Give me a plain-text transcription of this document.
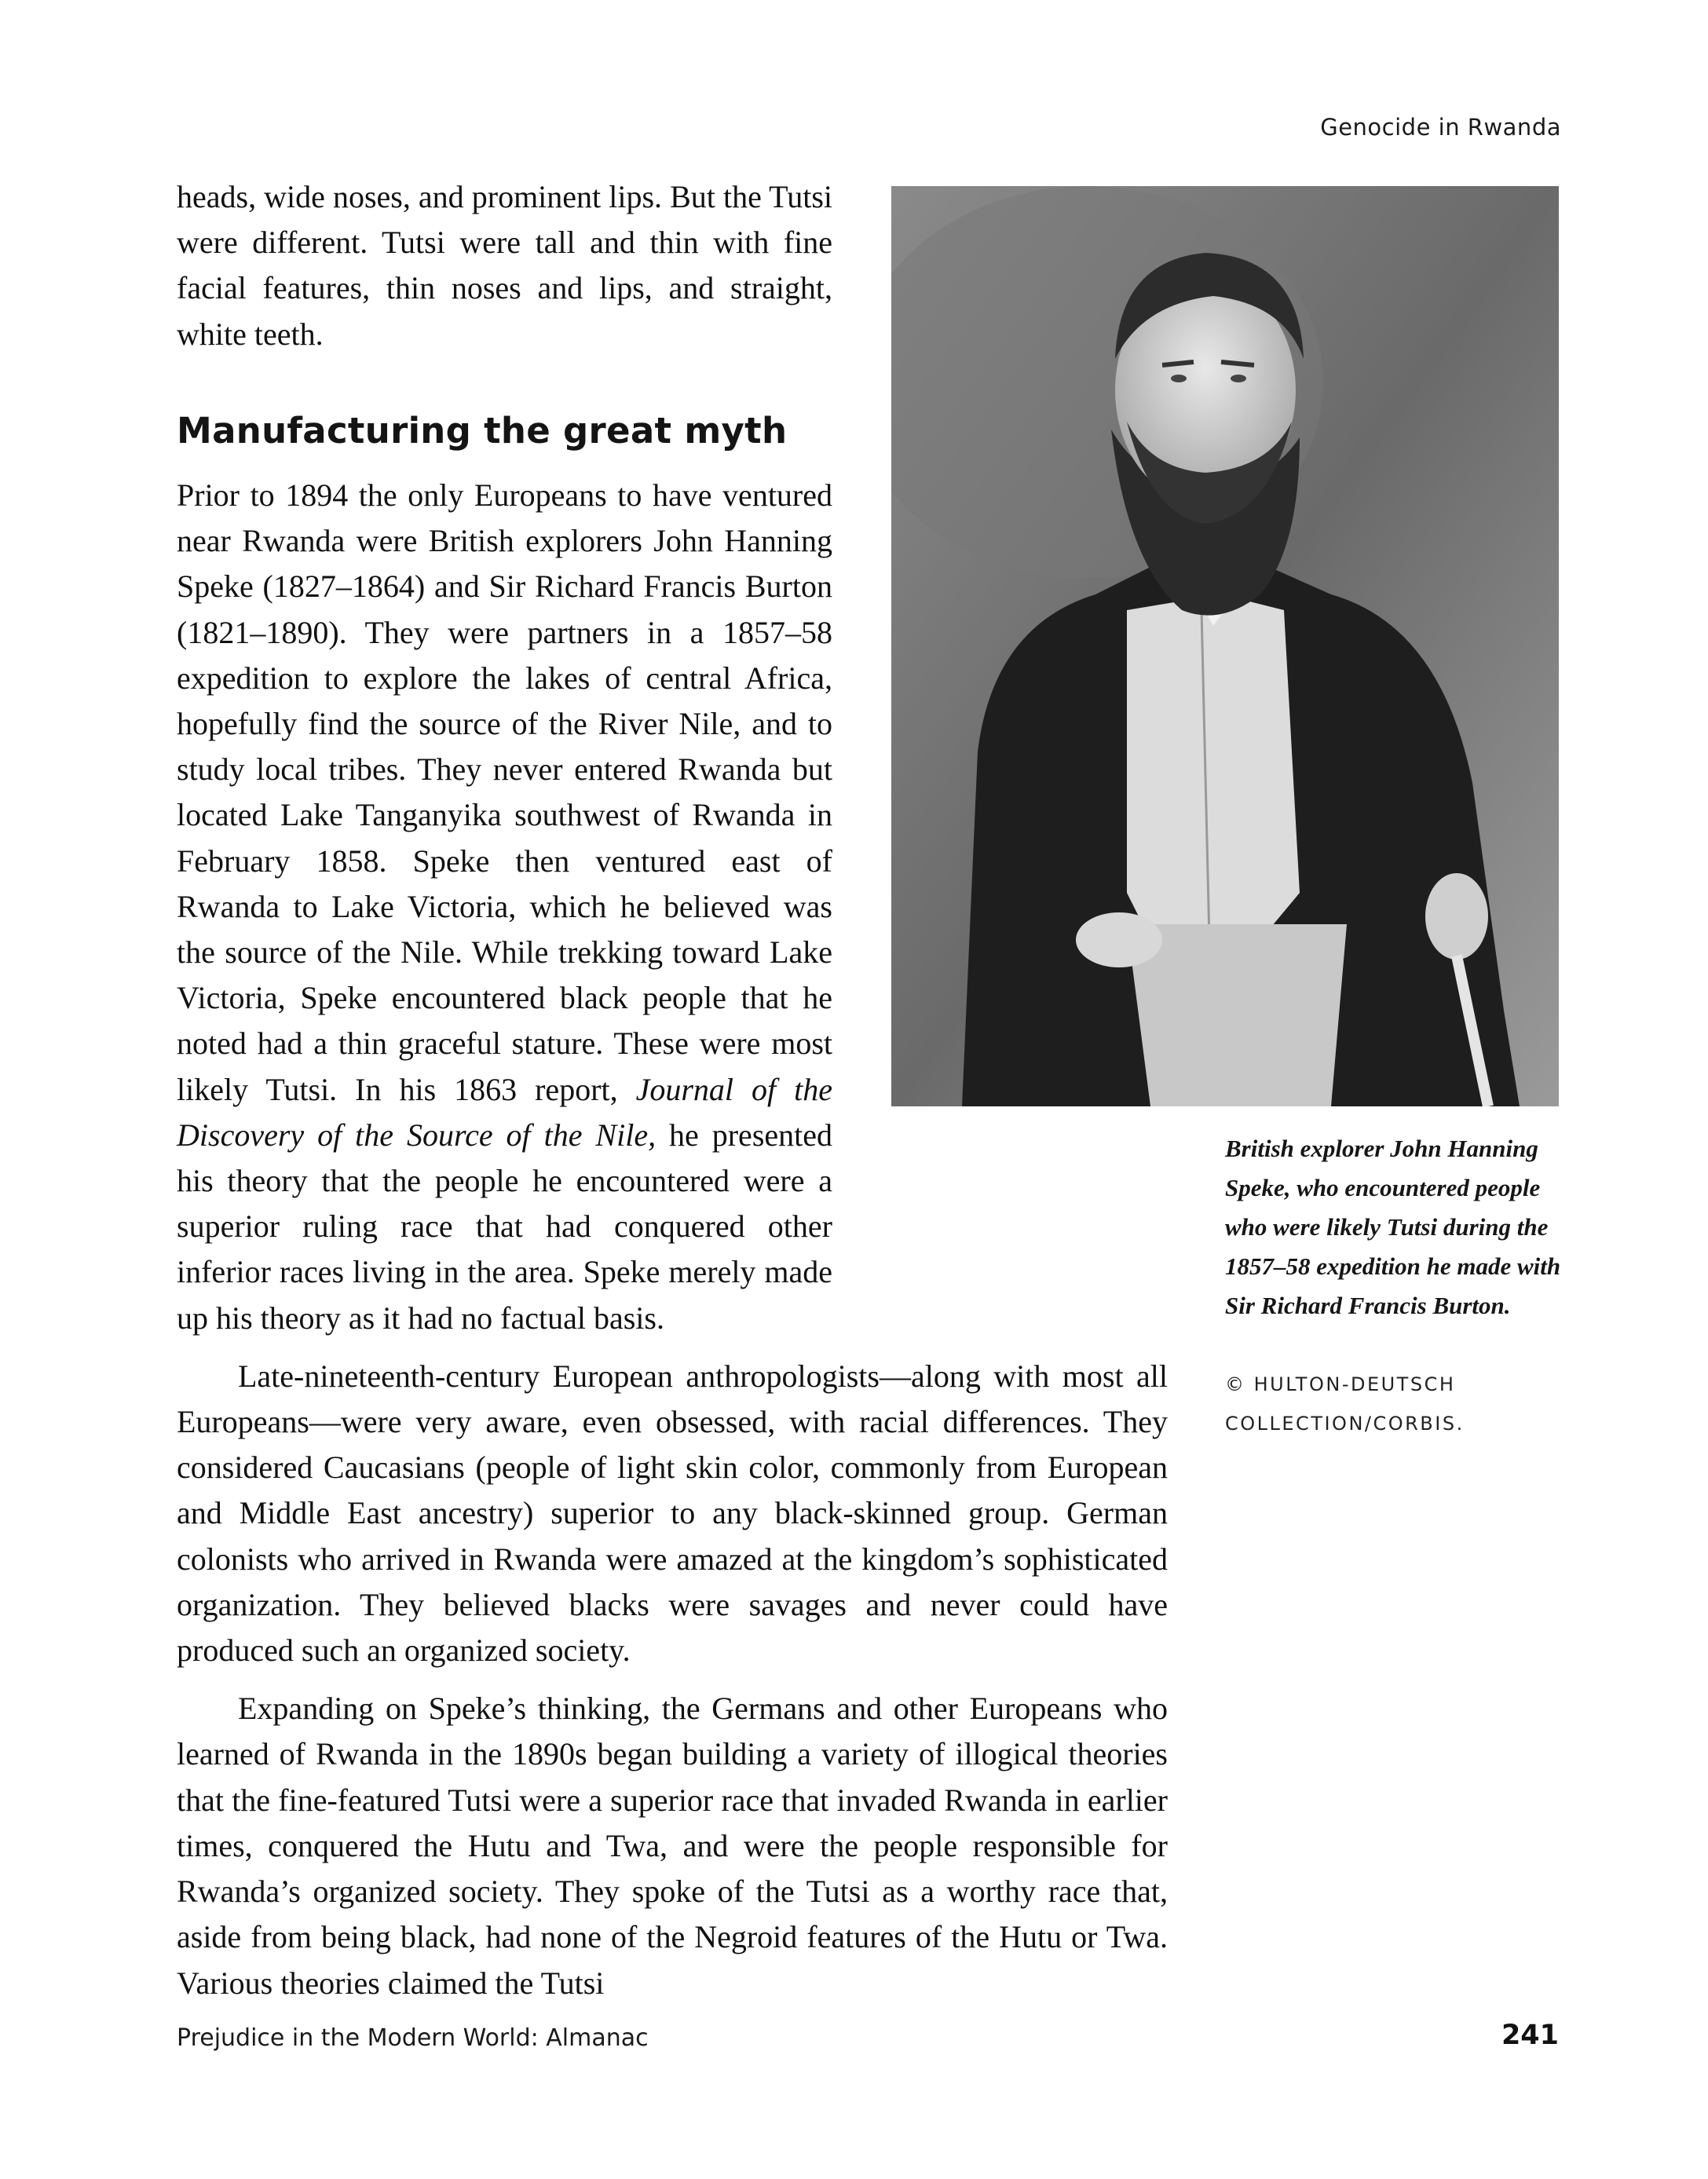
Genocide in Rwanda

heads, wide noses, and prominent lips. But the Tutsi were different. Tutsi were tall and thin with fine facial features, thin noses and lips, and straight, white teeth.

Manufacturing the great myth

Prior to 1894 the only Europeans to have ventured near Rwanda were British explorers John Hanning Speke (1827–1864) and Sir Richard Francis Burton (1821–1890). They were partners in a 1857–58 expedition to explore the lakes of central Africa, hopefully find the source of the River Nile, and to study local tribes. They never entered Rwanda but located Lake Tanganyika southwest of Rwanda in February 1858. Speke then ventured east of Rwanda to Lake Victoria, which he believed was the source of the Nile. While trekking toward Lake Victoria, Speke encountered black people that he noted had a thin graceful stature. These were most likely Tutsi. In his 1863 report, Journal of the Discovery of the Source of the Nile, he presented his theory that the people he encountered were a superior ruling race that had conquered other inferior races living in the area. Speke merely made up his theory as it had no factual basis.

Late-nineteenth-century European anthropologists—along with most all Europeans—were very aware, even obsessed, with racial differences. They considered Caucasians (people of light skin color, commonly from European and Middle East ancestry) superior to any black-skinned group. German colonists who arrived in Rwanda were amazed at the kingdom’s sophisticated organization. They believed blacks were savages and never could have produced such an organized society.

Expanding on Speke’s thinking, the Germans and other Europeans who learned of Rwanda in the 1890s began building a variety of illogical theories that the fine-featured Tutsi were a superior race that invaded Rwanda in earlier times, conquered the Hutu and Twa, and were the people responsible for Rwanda’s organized society. They spoke of the Tutsi as a worthy race that, aside from being black, had none of the Negroid features of the Hutu or Twa. Various theories claimed the Tutsi

British explorer John Hanning Speke, who encountered people who were likely Tutsi during the 1857–58 expedition he made with Sir Richard Francis Burton.
© HULTON-DEUTSCH COLLECTION/CORBIS.
Prejudice in the Modern World: Almanac	241
